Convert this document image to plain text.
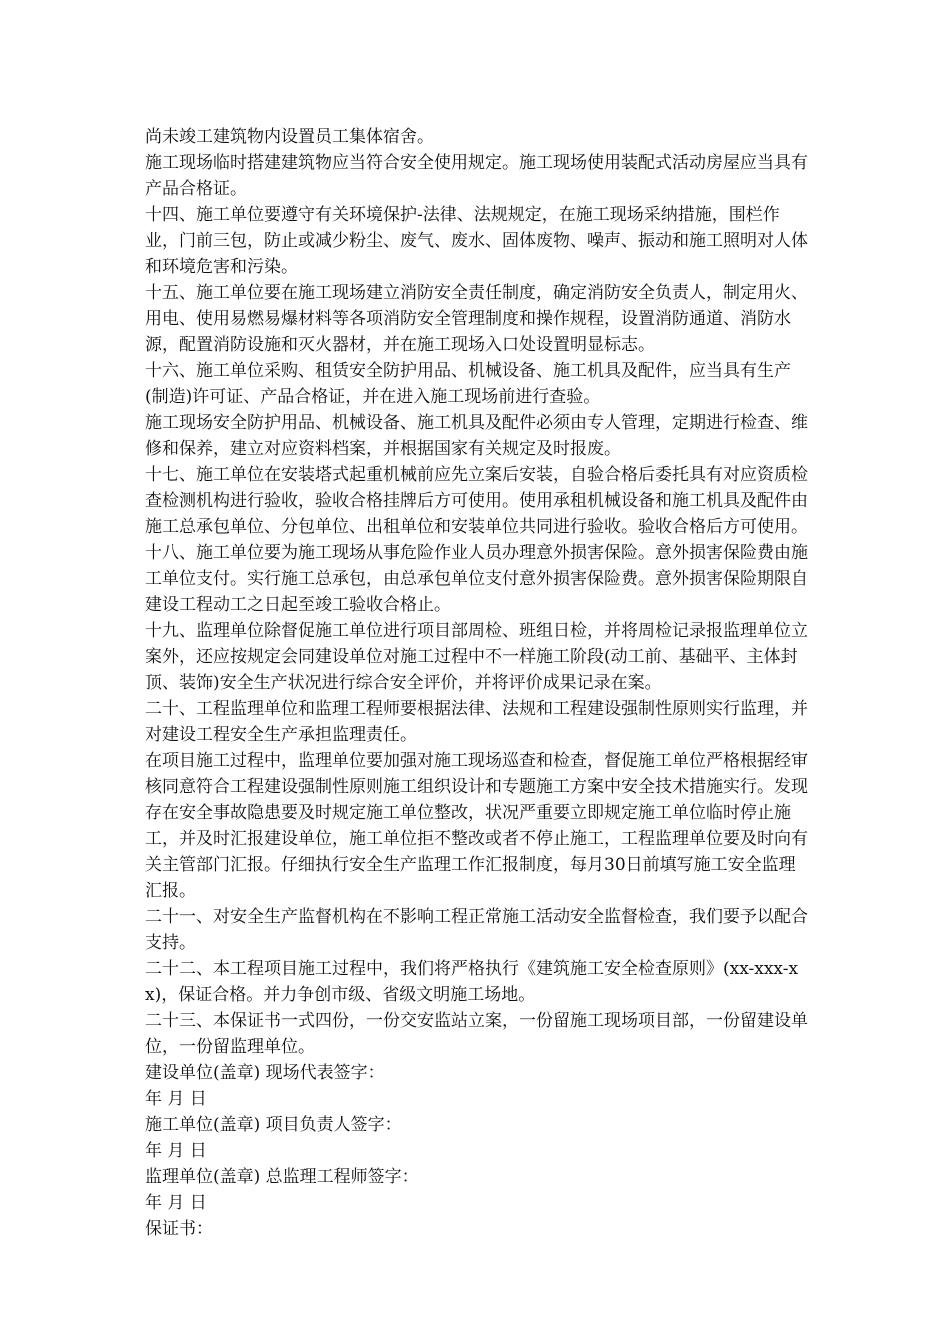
尚未竣工建筑物内设置员工集体宿舍。

施工现场临时搭建建筑物应当符合安全使用规定。施工现场使用装配式活动房屋应当具有产品合格证。

十四、施工单位要遵守有关环境保护-法律、法规规定，在施工现场采纳措施，围栏作业，门前三包，防止或减少粉尘、废气、废水、固体废物、噪声、振动和施工照明对人体和环境危害和污染。

十五、施工单位要在施工现场建立消防安全责任制度，确定消防安全负责人，制定用火、用电、使用易燃易爆材料等各项消防安全管理制度和操作规程，设置消防通道、消防水源，配置消防设施和灭火器材，并在施工现场入口处设置明显标志。

十六、施工单位采购、租赁安全防护用品、机械设备、施工机具及配件，应当具有生产(制造)许可证、产品合格证，并在进入施工现场前进行查验。

施工现场安全防护用品、机械设备、施工机具及配件必须由专人管理，定期进行检查、维修和保养，建立对应资料档案，并根据国家有关规定及时报废。

十七、施工单位在安装塔式起重机械前应先立案后安装，自验合格后委托具有对应资质检查检测机构进行验收，验收合格挂牌后方可使用。使用承租机械设备和施工机具及配件由施工总承包单位、分包单位、出租单位和安装单位共同进行验收。验收合格后方可使用。

十八、施工单位要为施工现场从事危险作业人员办理意外损害保险。意外损害保险费由施工单位支付。实行施工总承包，由总承包单位支付意外损害保险费。意外损害保险期限自建设工程动工之日起至竣工验收合格止。

十九、监理单位除督促施工单位进行项目部周检、班组日检，并将周检记录报监理单位立案外，还应按规定会同建设单位对施工过程中不一样施工阶段(动工前、基础平、主体封顶、装饰)安全生产状况进行综合安全评价，并将评价成果记录在案。

二十、工程监理单位和监理工程师要根据法律、法规和工程建设强制性原则实行监理，并对建设工程安全生产承担监理责任。

在项目施工过程中，监理单位要加强对施工现场巡查和检查，督促施工单位严格根据经审核同意符合工程建设强制性原则施工组织设计和专题施工方案中安全技术措施实行。发现存在安全事故隐患要及时规定施工单位整改，状况严重要立即规定施工单位临时停止施工，并及时汇报建设单位，施工单位拒不整改或者不停止施工，工程监理单位要及时向有关主管部门汇报。仔细执行安全生产监理工作汇报制度，每月30日前填写施工安全监理汇报。

二十一、对安全生产监督机构在不影响工程正常施工活动安全监督检查，我们要予以配合支持。

二十二、本工程项目施工过程中，我们将严格执行《建筑施工安全检查原则》(xx-xxx-xx)，保证合格。并力争创市级、省级文明施工场地。

二十三、本保证书一式四份，一份交安监站立案，一份留施工现场项目部，一份留建设单位，一份留监理单位。

建设单位(盖章) 现场代表签字：

年 月 日

施工单位(盖章) 项目负责人签字：

年 月 日

监理单位(盖章) 总监理工程师签字：

年 月 日

保证书：
